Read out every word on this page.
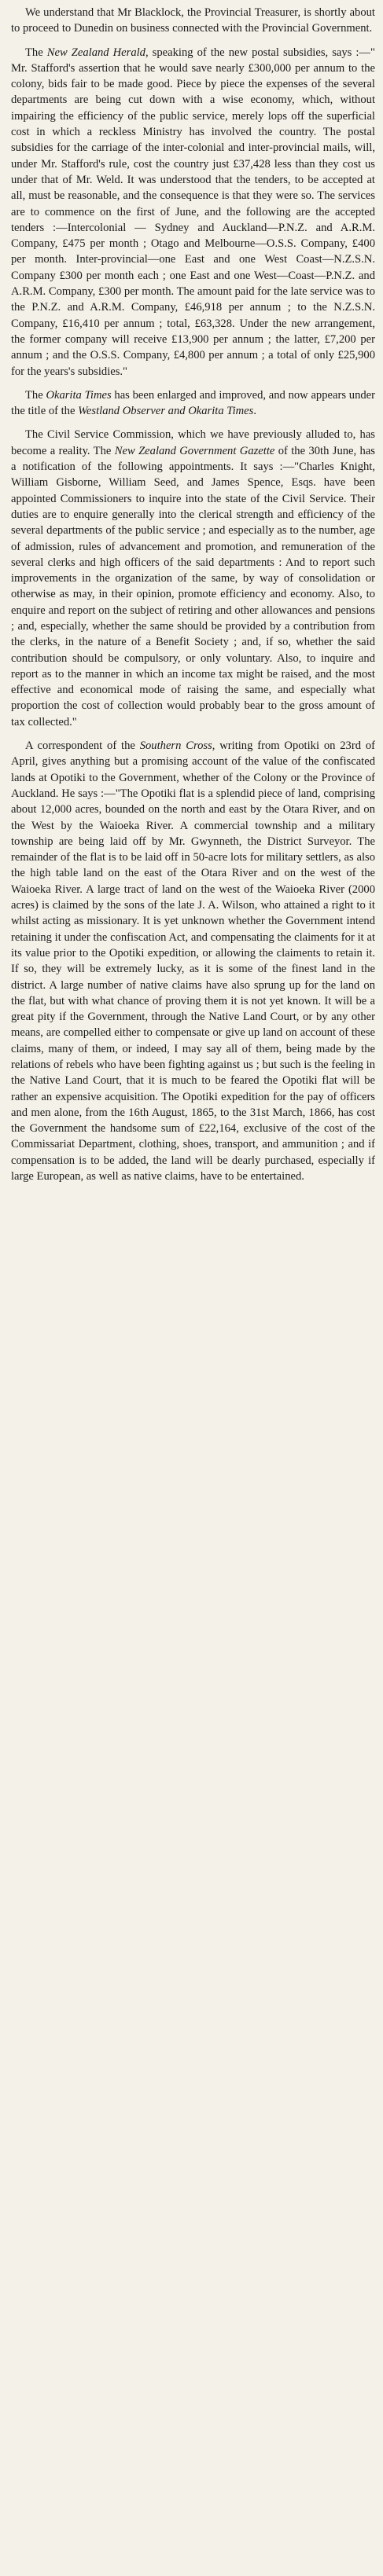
We understand that Mr Blacklock, the Provincial Treasurer, is shortly about to proceed to Dunedin on business connected with the Provincial Government.

The New Zealand Herald, speaking of the new postal subsidies, says :—" Mr. Stafford's assertion that he would save nearly £300,000 per annum to the colony, bids fair to be made good. Piece by piece the expenses of the several departments are being cut down with a wise economy, which, without impairing the efficiency of the public service, merely lops off the superficial cost in which a reckless Ministry has involved the country. The postal subsidies for the carriage of the inter-colonial and inter-provincial mails, will, under Mr. Stafford's rule, cost the country just £37,428 less than they cost us under that of Mr. Weld. It was understood that the tenders, to be accepted at all, must be reasonable, and the consequence is that they were so. The services are to commence on the first of June, and the following are the accepted tenders :—Intercolonial — Sydney and Auckland—P.N.Z. and A.R.M. Company, £475 per month ; Otago and Melbourne—O.S.S. Company, £400 per month. Inter-provincial—one East and one West Coast—N.Z.S.N. Company £300 per month each ; one East and one West—Coast—P.N.Z. and A.R.M. Company, £300 per month. The amount paid for the late service was to the P.N.Z. and A.R.M. Company, £46,918 per annum ; to the N.Z.S.N. Company, £16,410 per annum ; total, £63,328. Under the new arrangement, the former company will receive £13,900 per annum ; the latter, £7,200 per annum ; and the O.S.S. Company, £4,800 per annum ; a total of only £25,900 for the years's subsidies."

The Okarita Times has been enlarged and improved, and now appears under the title of the Westland Observer and Okarita Times.

The Civil Service Commission, which we have previously alluded to, has become a reality. The New Zealand Government Gazette of the 30th June, has a notification of the following appointments. It says :—"Charles Knight, William Gisborne, William Seed, and James Spence, Esqs. have been appointed Commissioners to inquire into the state of the Civil Service. Their duties are to enquire generally into the clerical strength and efficiency of the several departments of the public service ; and especially as to the number, age of admission, rules of advancement and promotion, and remuneration of the several clerks and high officers of the said departments : And to report such improvements in the organization of the same, by way of consolidation or otherwise as may, in their opinion, promote efficiency and economy. Also, to enquire and report on the subject of retiring and other allowances and pensions ; and, especially, whether the same should be provided by a contribution from the clerks, in the nature of a Benefit Society ; and, if so, whether the said contribution should be compulsory, or only voluntary. Also, to inquire and report as to the manner in which an income tax might be raised, and the most effective and economical mode of raising the same, and especially what proportion the cost of collection would probably bear to the gross amount of tax collected."

A correspondent of the Southern Cross, writing from Opotiki on 23rd of April, gives anything but a promising account of the value of the confiscated lands at Opotiki to the Government, whether of the Colony or the Province of Auckland. He says :—"The Opotiki flat is a splendid piece of land, comprising about 12,000 acres, bounded on the north and east by the Otara River, and on the West by the Waioeka River. A commercial township and a military township are being laid off by Mr. Gwynneth, the District Surveyor. The remainder of the flat is to be laid off in 50-acre lots for military settlers, as also the high table land on the east of the Otara River and on the west of the Waioeka River. A large tract of land on the west of the Waioeka River (2000 acres) is claimed by the sons of the late J. A. Wilson, who attained a right to it whilst acting as missionary. It is yet unknown whether the Government intend retaining it under the confiscation Act, and compensating the claiments for it at its value prior to the Opotiki expedition, or allowing the claiments to retain it. If so, they will be extremely lucky, as it is some of the finest land in the district. A large number of native claims have also sprung up for the land on the flat, but with what chance of proving them it is not yet known. It will be a great pity if the Government, through the Native Land Court, or by any other means, are compelled either to compensate or give up land on account of these claims, many of them, or indeed, I may say all of them, being made by the relations of rebels who have been fighting against us ; but such is the feeling in the Native Land Court, that it is much to be feared the Opotiki flat will be rather an expensive acquisition. The Opotiki expedition for the pay of officers and men alone, from the 16th August, 1865, to the 31st March, 1866, has cost the Government the handsome sum of £22,164, exclusive of the cost of the Commissariat Department, clothing, shoes, transport, and ammunition ; and if compensation is to be added, the land will be dearly purchased, especially if large European, as well as native claims, have to be entertained.
